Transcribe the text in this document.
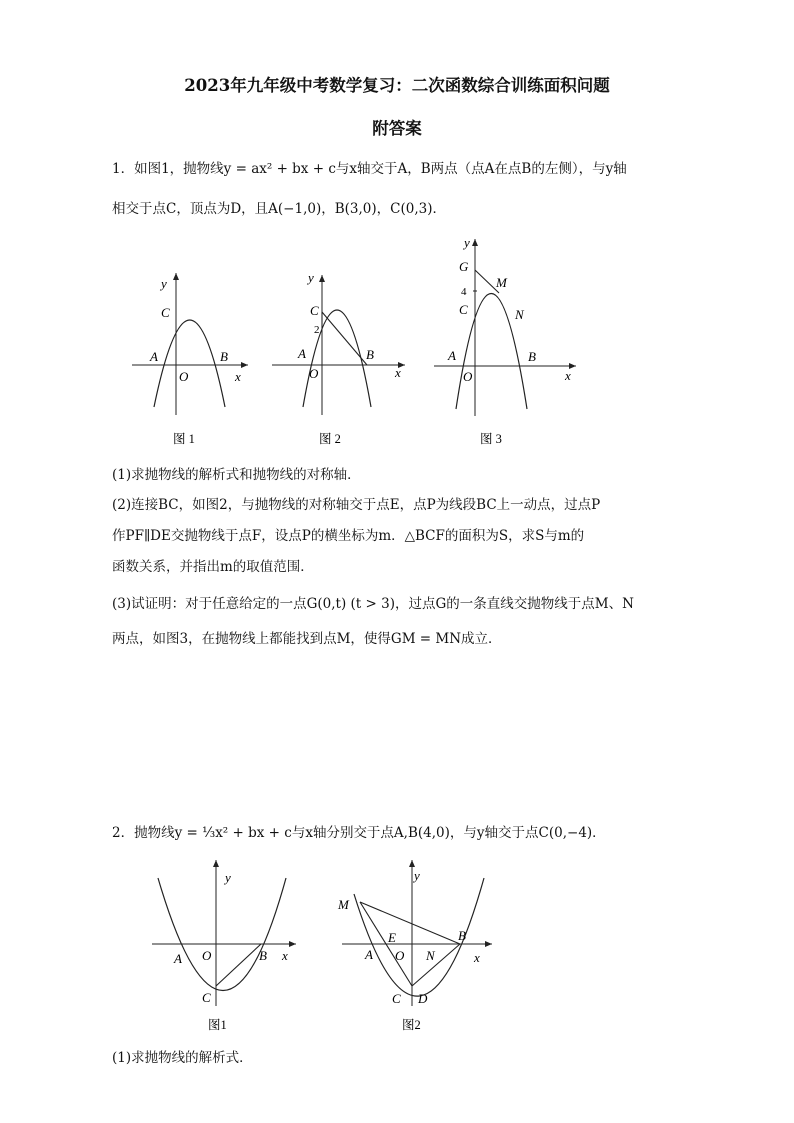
2023年九年级中考数学复习：二次函数综合训练面积问题
附答案
1．如图1，抛物线y = ax² + bx + c与x轴交于A，B两点（点A在点B的左侧），与y轴
相交于点C，顶点为D，且A(−1,0)，B(3,0)，C(0,3)．
y
x
C
A	B
O
图 1
y
x
C
2
A	B
O
图 2
y
x
G
M
N
4
C
A	B
O
图 3
(1)求抛物线的解析式和抛物线的对称轴．
(2)连接BC，如图2，与抛物线的对称轴交于点E，点P为线段BC上一动点，过点P
作PF∥DE交抛物线于点F，设点P的横坐标为m．△BCF的面积为S，求S与m的
函数关系，并指出m的取值范围．
(3)试证明：对于任意给定的一点G(0,t) (t > 3)，过点G的一条直线交抛物线于点M、N
两点，如图3，在抛物线上都能找到点M，使得GM = MN成立．
2．抛物线y = ⅓x² + bx + c与x轴分别交于点A,B(4,0)，与y轴交于点C(0,−4)．
y
x
A O	B
C
图1
y
x
M
E	B
A O N
C D
图2
(1)求抛物线的解析式．
